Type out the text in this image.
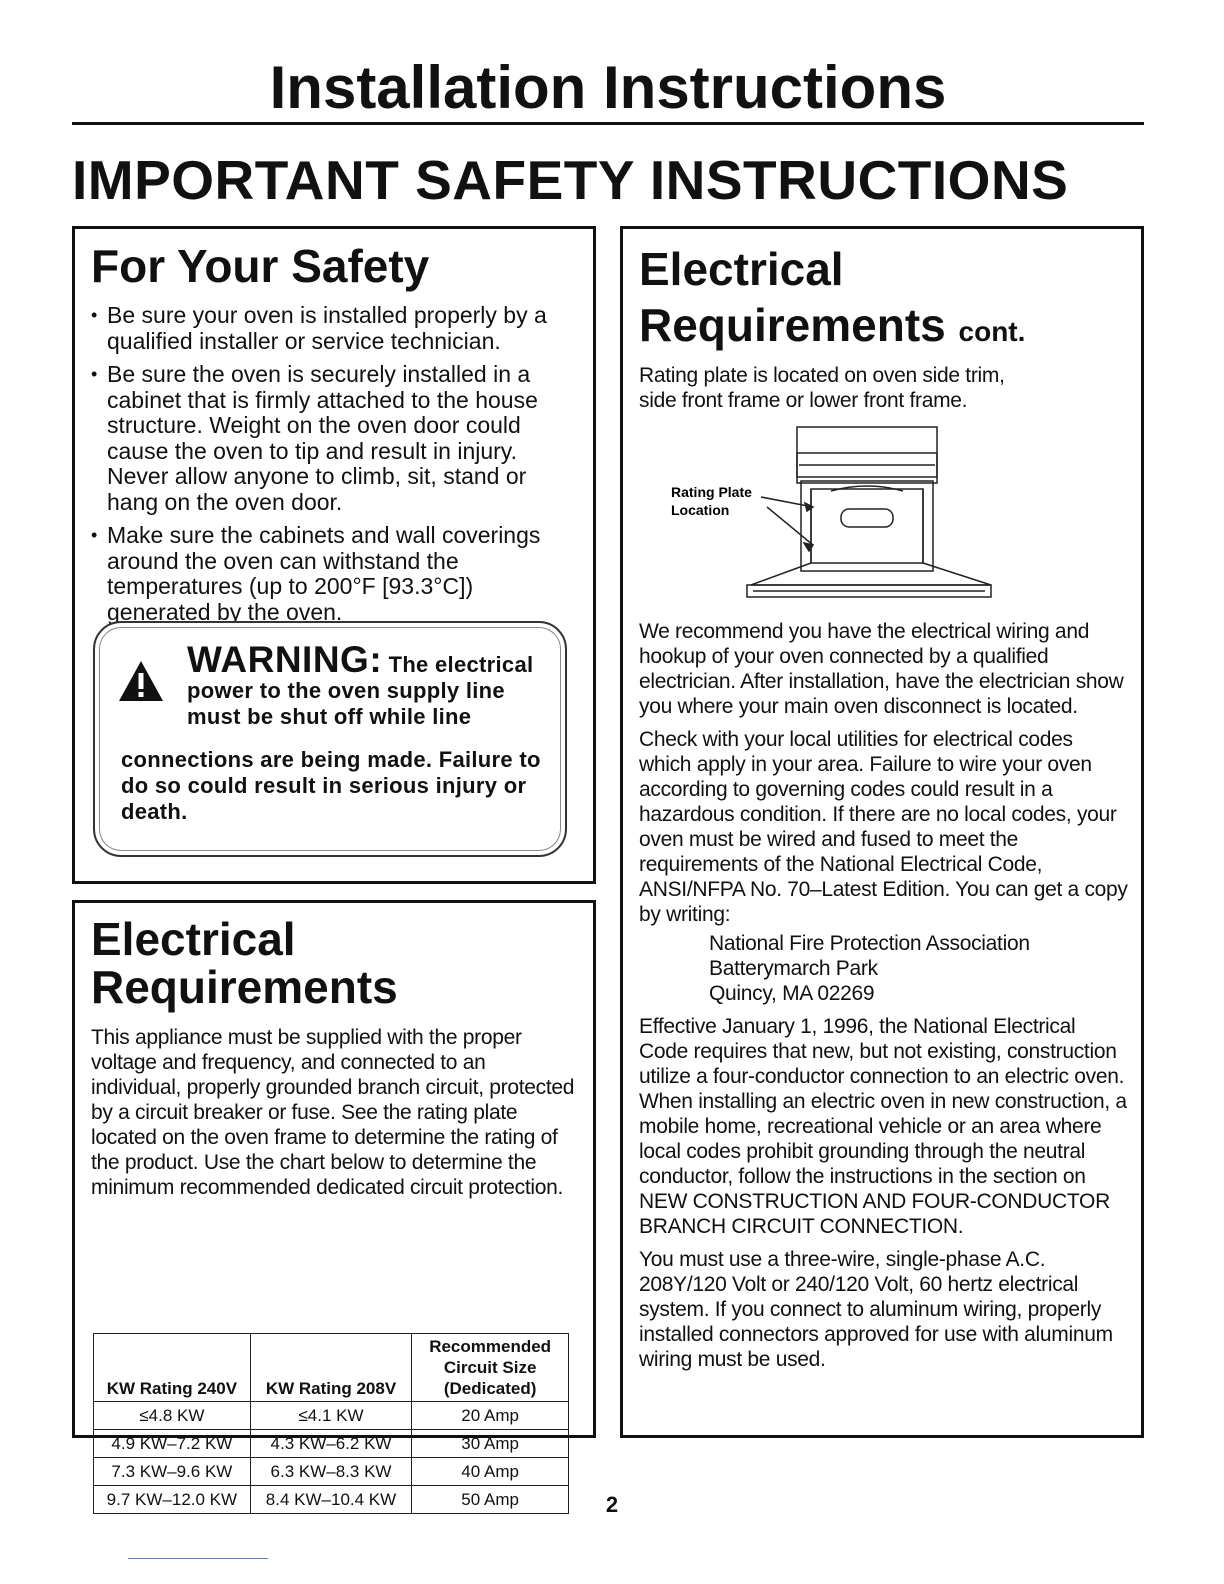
Installation Instructions
IMPORTANT SAFETY INSTRUCTIONS
For Your Safety
• Be sure your oven is installed properly by a qualified installer or service technician.
• Be sure the oven is securely installed in a cabinet that is firmly attached to the house structure. Weight on the oven door could cause the oven to tip and result in injury. Never allow anyone to climb, sit, stand or hang on the oven door.
• Make sure the cabinets and wall coverings around the oven can withstand the temperatures (up to 200°F [93.3°C]) generated by the oven.
WARNING: The electrical power to the oven supply line must be shut off while line
connections are being made. Failure to do so could result in serious injury or death.
Electrical
Requirements
This appliance must be supplied with the proper voltage and frequency, and connected to an individual, properly grounded branch circuit, protected by a circuit breaker or fuse. See the rating plate located on the oven frame to determine the rating of the product. Use the chart below to determine the minimum recommended dedicated circuit protection.
KW Rating 240V	KW Rating 208V	Recommended Circuit Size (Dedicated)
≤4.8 KW	≤4.1 KW	20 Amp
4.9 KW–7.2 KW	4.3 KW–6.2 KW	30 Amp
7.3 KW–9.6 KW	6.3 KW–8.3 KW	40 Amp
9.7 KW–12.0 KW	8.4 KW–10.4 KW	50 Amp
Electrical
Requirements cont.
Rating plate is located on oven side trim, side front frame or lower front frame.
Rating Plate
Location
We recommend you have the electrical wiring and hookup of your oven connected by a qualified electrician. After installation, have the electrician show you where your main oven disconnect is located.
Check with your local utilities for electrical codes which apply in your area. Failure to wire your oven according to governing codes could result in a hazardous condition. If there are no local codes, your oven must be wired and fused to meet the requirements of the National Electrical Code, ANSI/NFPA No. 70–Latest Edition. You can get a copy by writing:
National Fire Protection Association
Batterymarch Park
Quincy, MA 02269
Effective January 1, 1996, the National Electrical Code requires that new, but not existing, construction utilize a four-conductor connection to an electric oven. When installing an electric oven in new construction, a mobile home, recreational vehicle or an area where local codes prohibit grounding through the neutral conductor, follow the instructions in the section on NEW CONSTRUCTION AND FOUR-CONDUCTOR BRANCH CIRCUIT CONNECTION.
You must use a three-wire, single-phase A.C. 208Y/120 Volt or 240/120 Volt, 60 hertz electrical system. If you connect to aluminum wiring, properly installed connectors approved for use with aluminum wiring must be used.
2
